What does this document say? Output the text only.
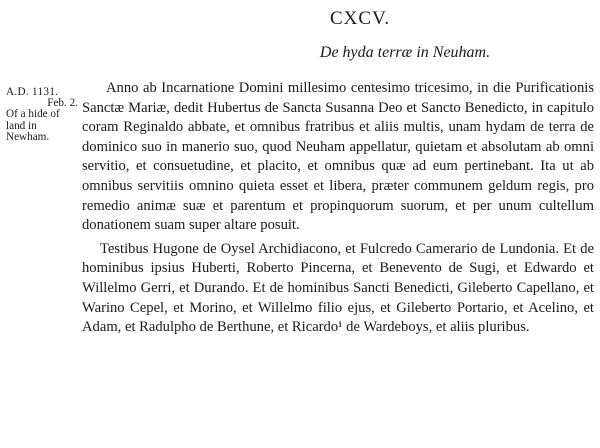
CXCV.
De hyda terræ in Neuham.
A.D. 1131.
Feb. 2.
Of a hide of
land in
Newham.

Anno ab Incarnatione Domini millesimo centesimo tricesimo, in die Purificationis Sanctæ Mariæ, dedit Hubertus de Sancta Susanna Deo et Sancto Benedicto, in capitulo coram Reginaldo abbate, et omnibus fratribus et aliis multis, unam hydam de terra de dominico suo in manerio suo, quod Neuham appellatur, quietam et absolutam ab omni servitio, et consuetudine, et placito, et omnibus quæ ad eum pertinebant. Ita ut ab omnibus servitiis omnino quieta esset et libera, præter communem geldum regis, pro remedio animæ suæ et parentum et propinquorum suorum, et per unum cultellum donationem suam super altare posuit.

Testibus Hugone de Oysel Archidiacono, et Fulcredo Camerario de Lundonia. Et de hominibus ipsius Huberti, Roberto Pincerna, et Benevento de Sugi, et Edwardo et Willelmo Gerri, et Durando. Et de hominibus Sancti Benedicti, Gileberto Capellano, et Warino Cepel, et Morino, et Willelmo filio ejus, et Gileberto Portario, et Acelino, et Adam, et Radulpho de Berthune, et Ricardo¹ de Wardeboys, et aliis pluribus.
